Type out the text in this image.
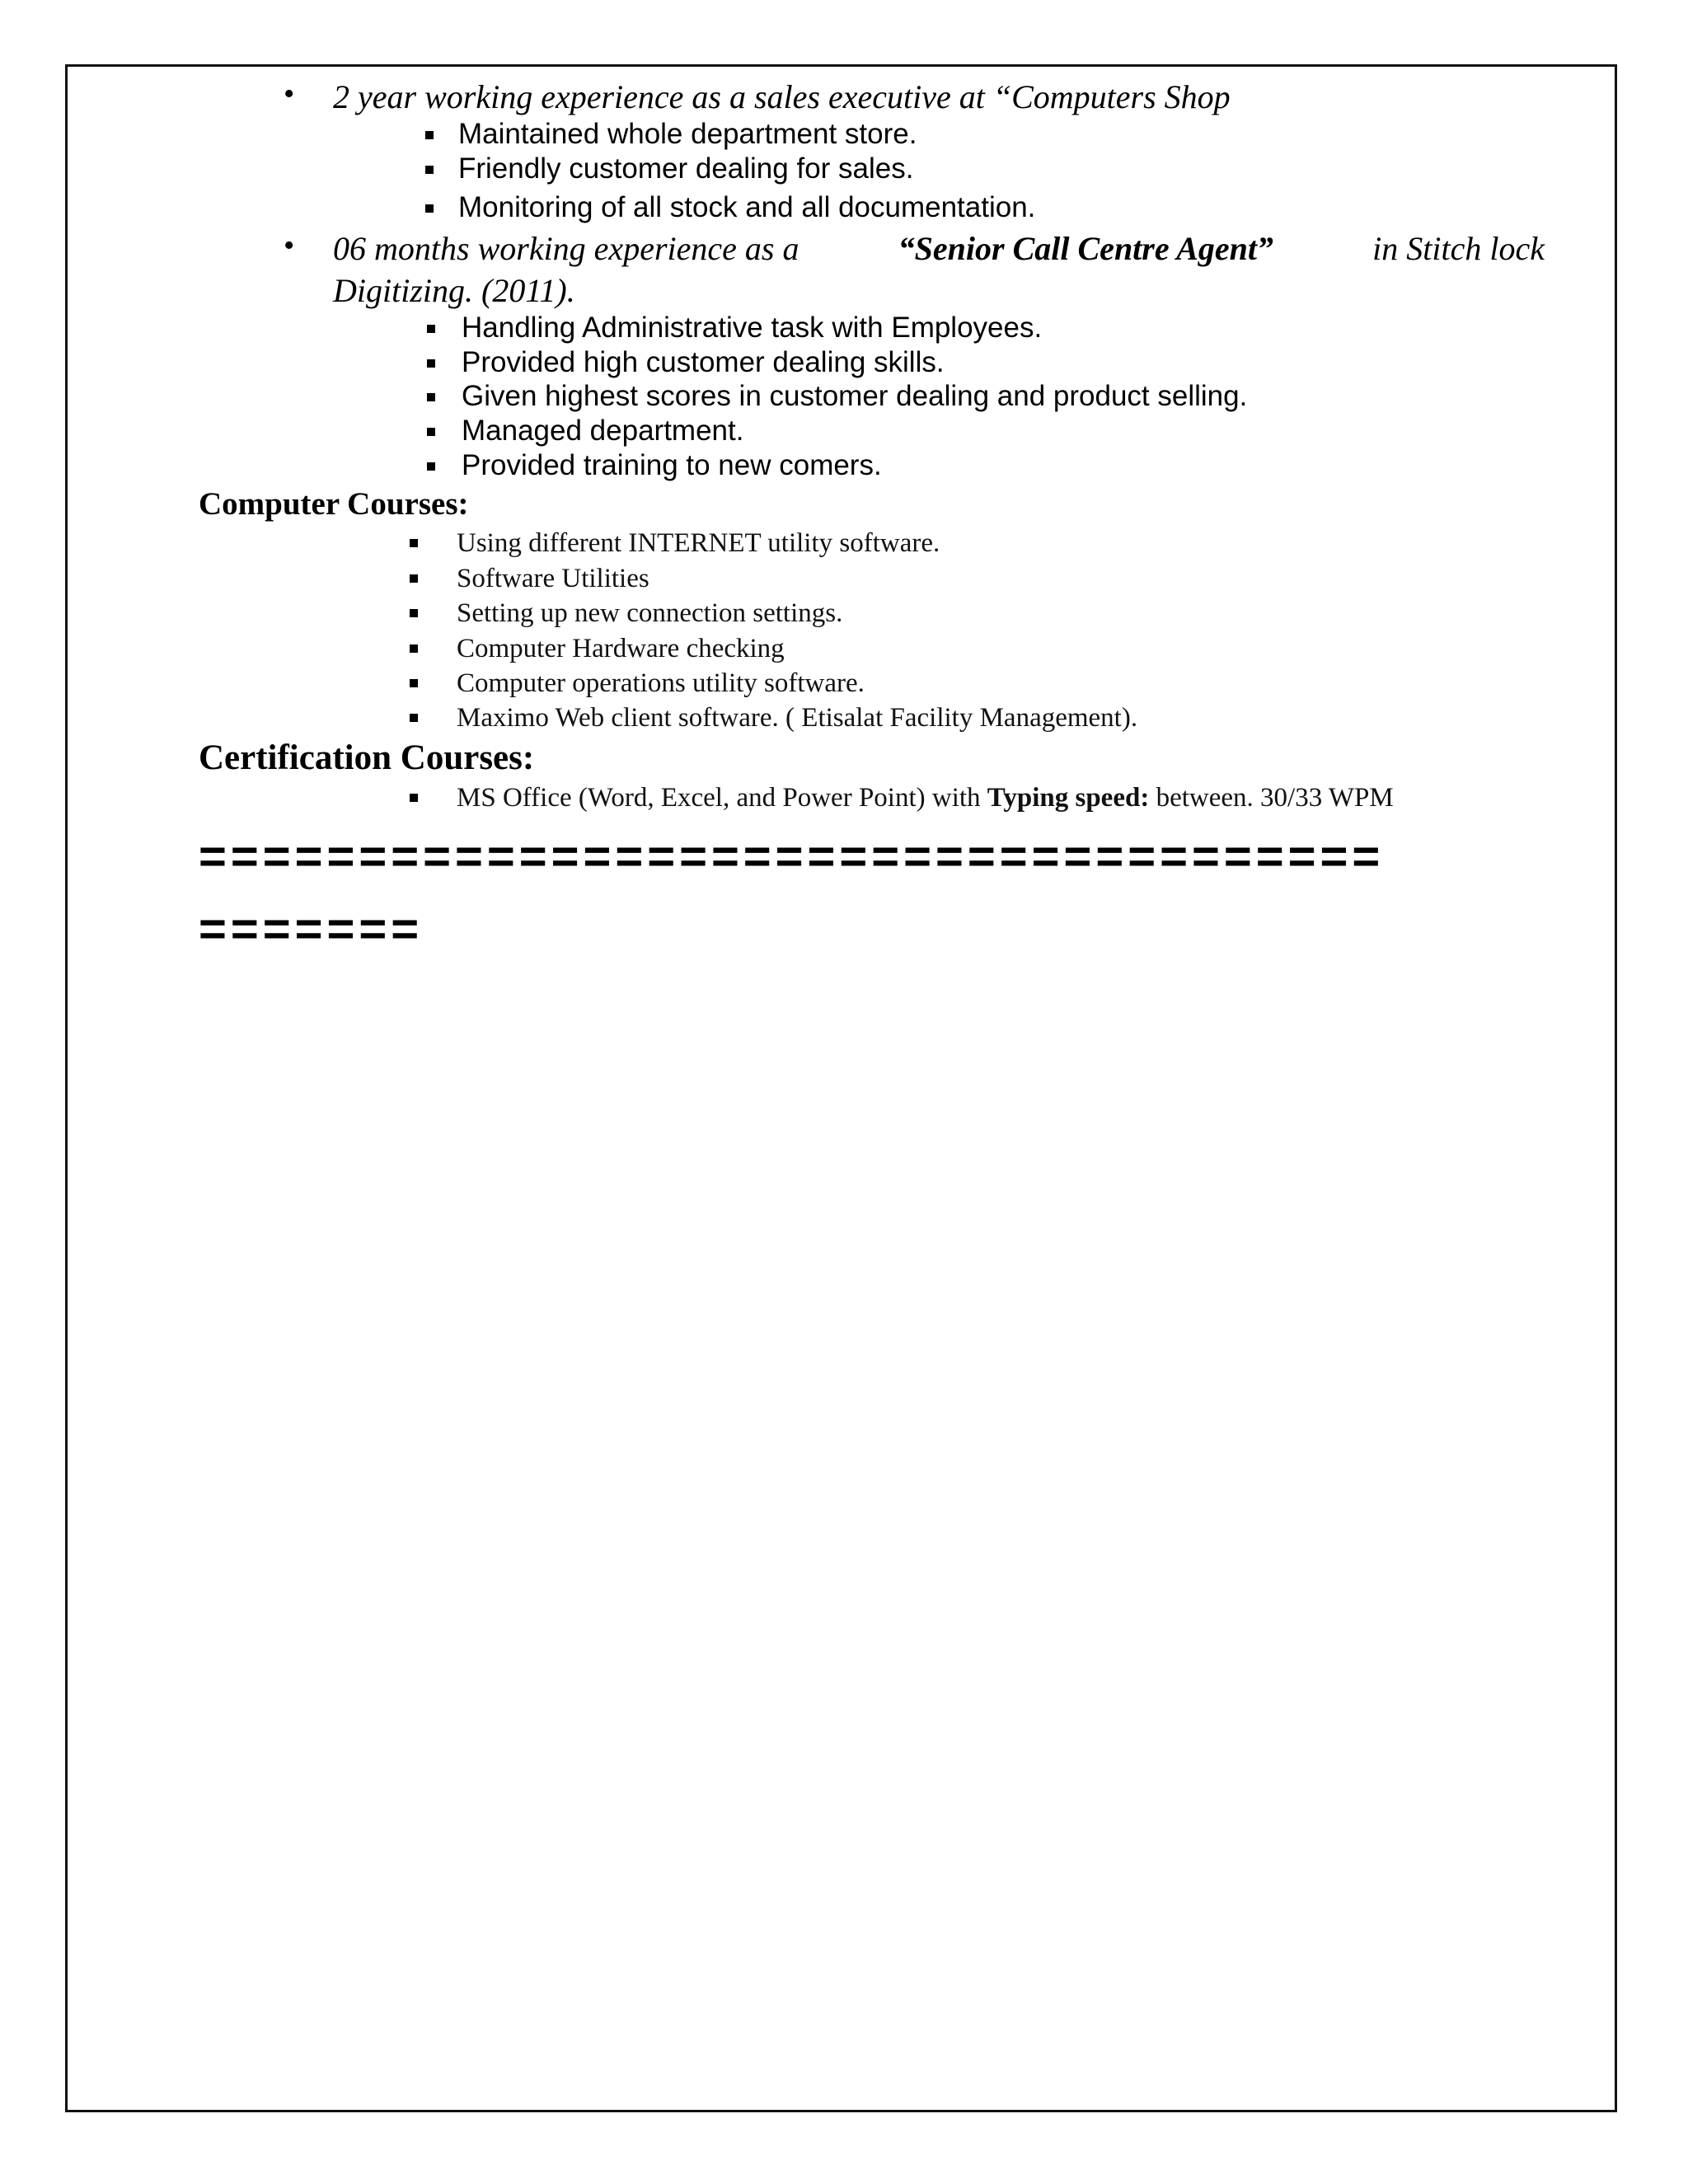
• 2 year working experience as a sales executive at “Computers Shop
Maintained whole department store.
Friendly customer dealing for sales.
Monitoring of all stock and all documentation.
• 06 months working experience as a	“Senior Call Centre Agent”	in Stitch lock
Digitizing. (2011).
Handling Administrative task with Employees.
Provided high customer dealing skills.
Given highest scores in customer dealing and product selling.
Managed department.
Provided training to new comers.
Computer Courses:
Using different INTERNET utility software.
Software Utilities
Setting up new connection settings.
Computer Hardware checking
Computer operations utility software.
Maximo Web client software. ( Etisalat Facility Management).
Certification Courses:
MS Office (Word, Excel, and Power Point) with Typing speed: between. 30/33 WPM
=====================================
=======
